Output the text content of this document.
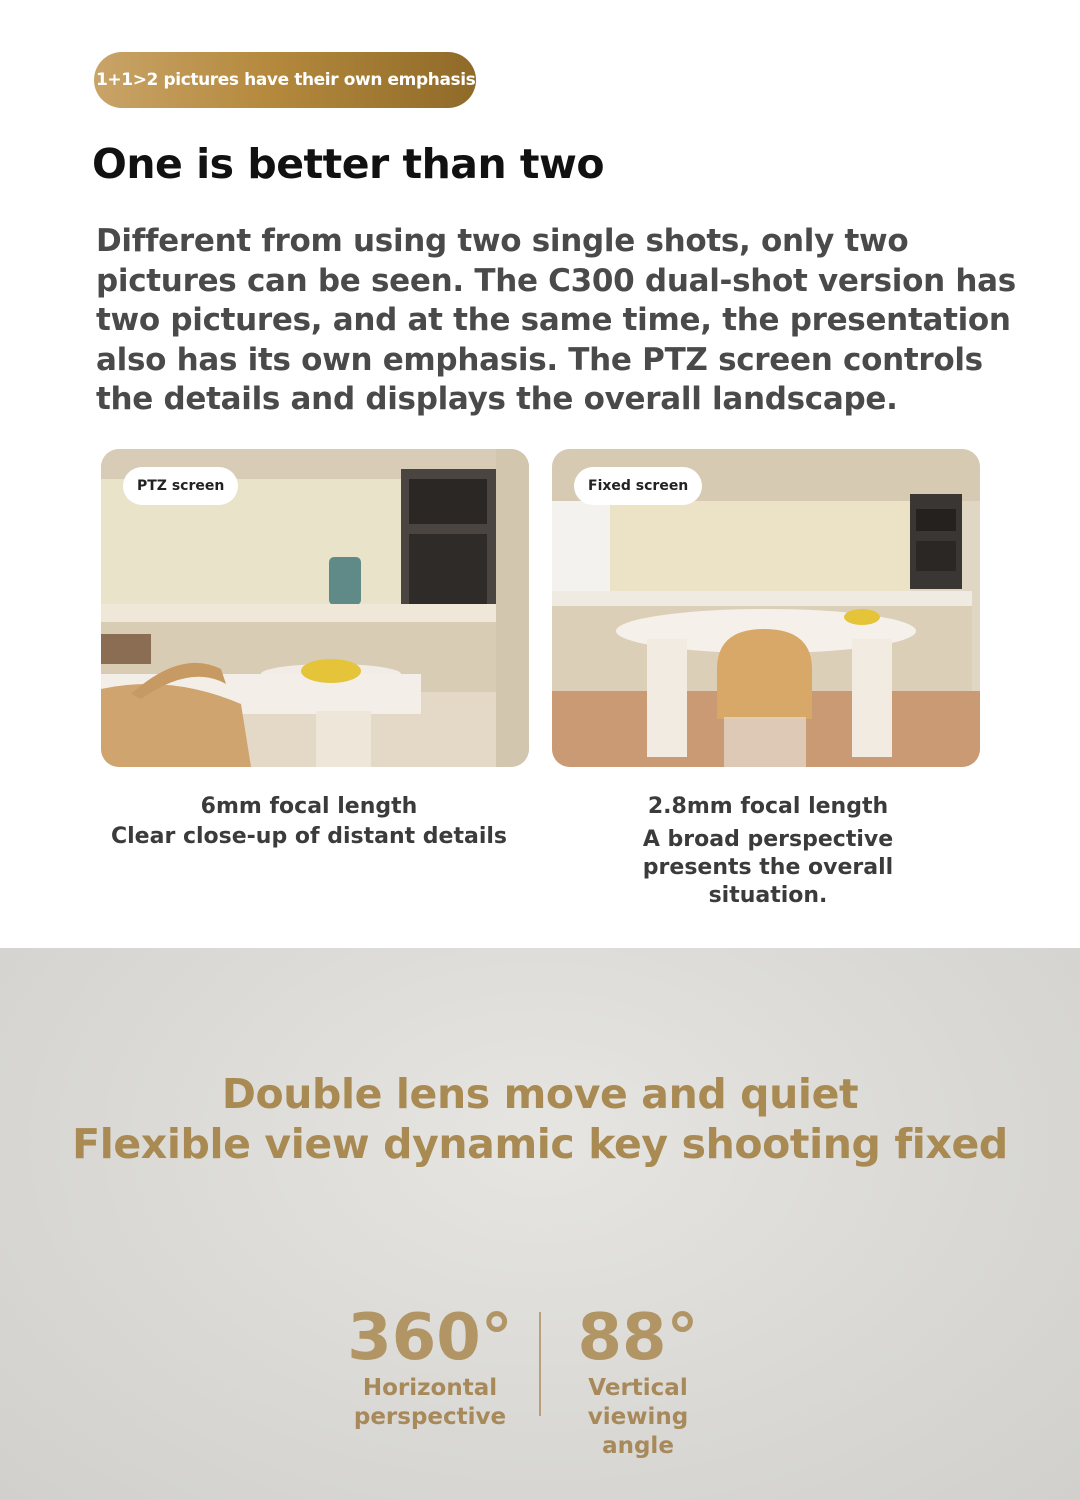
1+1>2 pictures have their own emphasis
One is better than two
Different from using two single shots, only two pictures can be seen. The C300 dual-shot version has two pictures, and at the same time, the presentation also has its own emphasis. The PTZ screen controls the details and displays the overall landscape.
PTZ screen	Fixed screen
6mm focal length
Clear close-up of distant details
2.8mm focal length
A broad perspective presents the overall situation.
Double lens move and quiet
Flexible view dynamic key shooting fixed
360°
Horizontal
perspective
88°
Vertical
viewing angle
